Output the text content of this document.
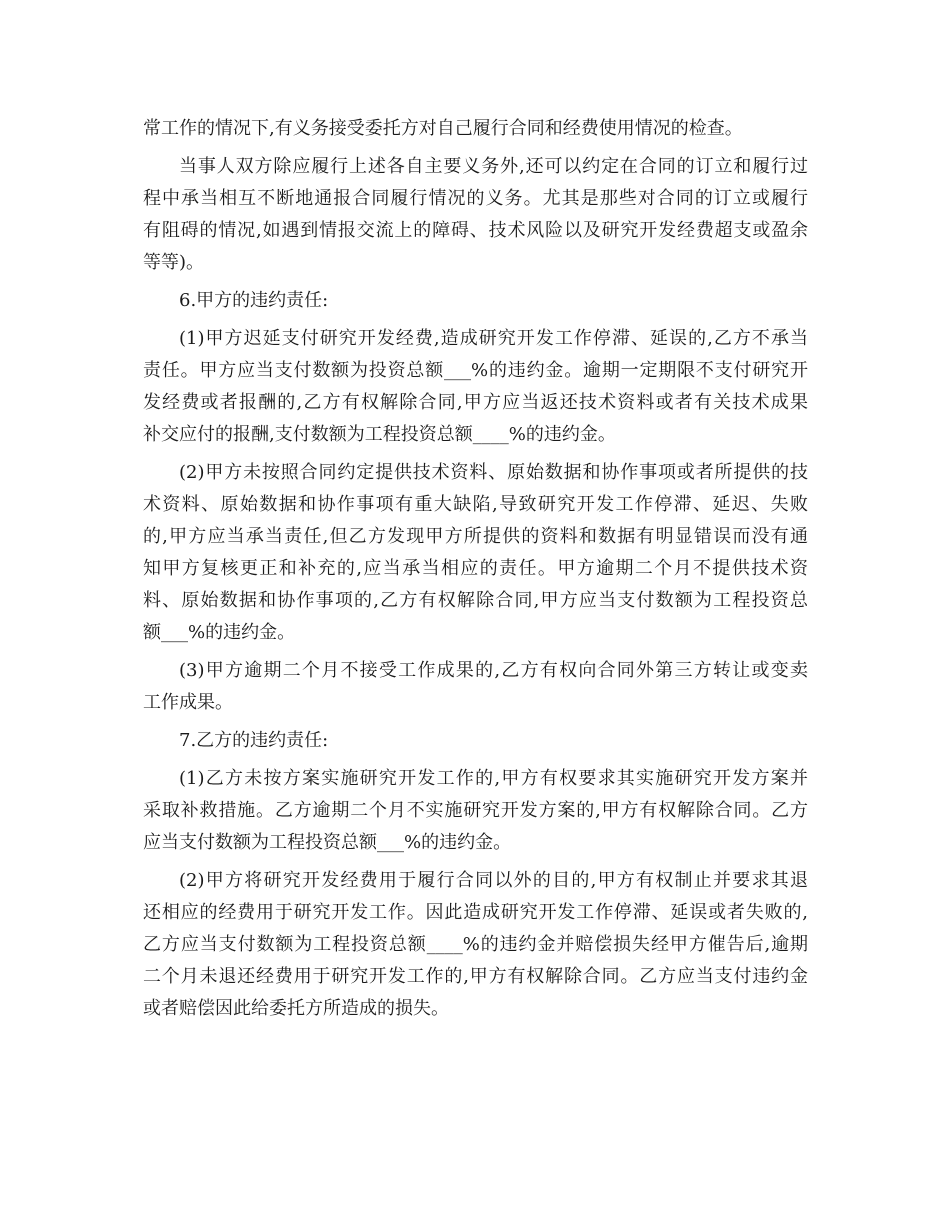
常工作的情况下,有义务接受委托方对自己履行合同和经费使用情况的检查。
当事人双方除应履行上述各自主要义务外,还可以约定在合同的订立和履行过
程中承当相互不断地通报合同履行情况的义务。尤其是那些对合同的订立或履行
有阻碍的情况,如遇到情报交流上的障碍、技术风险以及研究开发经费超支或盈余
等等)。
6.甲方的违约责任:
(1)甲方迟延支付研究开发经费,造成研究开发工作停滞、延误的,乙方不承当
责任。甲方应当支付数额为投资总额___%的违约金。逾期一定期限不支付研究开
发经费或者报酬的,乙方有权解除合同,甲方应当返还技术资料或者有关技术成果
补交应付的报酬,支付数额为工程投资总额____%的违约金。
(2)甲方未按照合同约定提供技术资料、原始数据和协作事项或者所提供的技
术资料、原始数据和协作事项有重大缺陷,导致研究开发工作停滞、延迟、失败
的,甲方应当承当责任,但乙方发现甲方所提供的资料和数据有明显错误而没有通
知甲方复核更正和补充的,应当承当相应的责任。甲方逾期二个月不提供技术资
料、原始数据和协作事项的,乙方有权解除合同,甲方应当支付数额为工程投资总
额___%的违约金。
(3)甲方逾期二个月不接受工作成果的,乙方有权向合同外第三方转让或变卖
工作成果。
7.乙方的违约责任:
(1)乙方未按方案实施研究开发工作的,甲方有权要求其实施研究开发方案并
采取补救措施。乙方逾期二个月不实施研究开发方案的,甲方有权解除合同。乙方
应当支付数额为工程投资总额___%的违约金。
(2)甲方将研究开发经费用于履行合同以外的目的,甲方有权制止并要求其退
还相应的经费用于研究开发工作。因此造成研究开发工作停滞、延误或者失败的,
乙方应当支付数额为工程投资总额____%的违约金并赔偿损失经甲方催告后,逾期
二个月未退还经费用于研究开发工作的,甲方有权解除合同。乙方应当支付违约金
或者赔偿因此给委托方所造成的损失。
